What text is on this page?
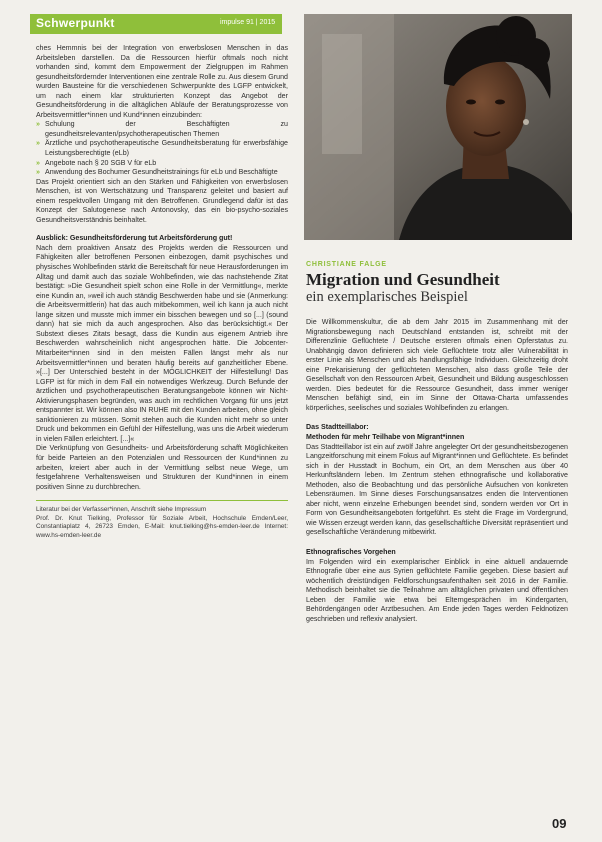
Schwerpunkt	impulse 91 | 2015

ches Hemmnis bei der Integration von erwerbslosen Menschen in das Arbeitsleben darstellen. Da die Ressourcen hierfür oftmals noch nicht vorhanden sind, kommt dem Empowerment der Zielgruppen im Rahmen gesundheitsfördernder Interventionen eine zentrale Rolle zu. Aus diesem Grund wurden Bausteine für die verschiedenen Schwerpunkte des LGFP entwickelt, um nach einem klar strukturierten Konzept das Angebot der Gesundheitsförderung in die alltäglichen Abläufe der Beratungsprozesse von Arbeitsvermittler*innen und Kund*innen einzubinden:

» Schulung der Beschäftigten zu gesundheitsrelevanten/psychotherapeutischen Themen
» Ärztliche und psychotherapeutische Gesundheitsberatung für erwerbsfähige Leistungsberechtigte (eLb)
» Angebote nach § 20 SGB V für eLb
» Anwendung des Bochumer Gesundheitstrainings für eLb und Beschäftigte

Das Projekt orientiert sich an den Stärken und Fähigkeiten von erwerbslosen Menschen, ist von Wertschätzung und Transparenz geleitet und basiert auf einem respektvollen Umgang mit den Betroffenen. Grundlegend dafür ist das Konzept der Salutogenese nach Antonovsky, das ein bio-psycho-soziales Gesundheitsverständnis beinhaltet.

Ausblick: Gesundheitsförderung tut Arbeitsförderung gut!

Nach dem proaktiven Ansatz des Projekts werden die Ressourcen und Fähigkeiten aller betroffenen Personen einbezogen, damit psychisches und physisches Wohlbefinden stärkt die Bereitschaft für neue Herausforderungen im Alltag und damit auch das soziale Wohlbefinden, wie das nachstehende Zitat bestätigt: »Die Gesundheit spielt schon eine Rolle in der Vermittlung«, merkte eine Kundin an, »weil ich auch ständig Beschwerden habe und sie (Anmerkung: die Arbeitsvermittlerin) hat das auch mitbekommen, weil ich kann ja auch nicht lange sitzen und musste mich immer ein bisschen bewegen und so [...] (sound dann) hat sie mich da auch angesprochen. Also das berücksichtigt.« Der Substext dieses Zitats besagt, dass die Kundin aus eigenem Antrieb ihre Beschwerden wahrscheinlich nicht angesprochen hätte. Die Jobcenter-Mitarbeiter*innen sind in den meisten Fällen längst mehr als nur Arbeitsvermittler*innen und beraten häufig bereits auf ganzheitlicher Ebene. »[...] Der Unterschied besteht in der MÖGLICHKEIT der Hilfestellung! Das LGFP ist für mich in dem Fall ein notwendiges Werkzeug. Durch Befunde der ärztlichen und psychotherapeutischen Beratungsangebote können wir Nicht-Aktivierungsphasen begründen, was auch im rechtlichen Vorgang für uns jetzt entspannter ist. Wir können also IN RUHE mit den Kunden arbeiten, ohne gleich sanktionieren zu müssen. Somit stehen auch die Kunden nicht mehr so unter Druck und bekommen ein Gefühl der Hilfestellung, was uns die Arbeit wiederum in vielen Fällen erleichtert. [...]«

Die Verknüpfung von Gesundheits- und Arbeitsförderung schafft Möglichkeiten für beide Parteien an den Potenzialen und Ressourcen der Kund*innen zu arbeiten, kreiert aber auch in der Vermittlung selbst neue Wege, um festgefahrene Verhaltensweisen und Strukturen der Kund*innen in einem positiven Sinne zu durchbrechen.

Literatur bei der Verfasser*innen, Anschrift siehe Impressum

Prof. Dr. Knut Tielking, Professor für Soziale Arbeit, Hochschule Emden/Leer, Constantiaplatz 4, 26723 Emden, E-Mail: knut.tielking@hs-emden-leer.de Internet: www.hs-emden-leer.de

CHRISTIANE FALGE
Migration und Gesundheit
ein exemplarisches Beispiel

Die Willkommenskultur, die ab dem Jahr 2015 im Zusammenhang mit der Migrationsbewegung nach Deutschland entstanden ist, schreibt mit der Differenzlinie Geflüchtete / Deutsche ersteren oftmals einen Opferstatus zu. Unabhängig davon definieren sich viele Geflüchtete trotz aller Vulnerabilität in erster Linie als Menschen und als handlungsfähige Individuen. Gleichzeitig droht eine Prekarisierung der geflüchteten Menschen, also dass große Teile der Gesellschaft von den Ressourcen Arbeit, Gesundheit und Bildung ausgeschlossen werden. Dies bedeutet für die Ressource Gesundheit, dass immer weniger Menschen befähigt sind, ein im Sinne der Ottawa-Charta umfassendes körperliches, seelisches und soziales Wohlbefinden zu erlangen.

Das Stadtteillabor:

Methoden für mehr Teilhabe von Migrant*innen

Das Stadtteillabor ist ein auf zwölf Jahre angelegter Ort der gesundheitsbezogenen Langzeitforschung mit einem Fokus auf Migrant*innen und Geflüchtete. Es befindet sich in der Husstadt in Bochum, ein Ort, an dem Menschen aus über 40 Herkunftsländern leben. Im Zentrum stehen ethnografische und kollaborative Methoden, also die Beobachtung und das persönliche Aufsuchen von konkreten Lebensräumen. Im Sinne dieses Forschungsansatzes enden die Interventionen aber nicht, wenn einzelne Erhebungen beendet sind, sondern werden vor Ort in Form von Gesundheitsangeboten fortgeführt. Es steht die Frage im Vordergrund, wie Wissen erzeugt werden kann, das gesellschaftliche Diversität repräsentiert und gesellschaftliche Veränderung mitbewirkt.

Ethnografisches Vorgehen

Im Folgenden wird ein exemplarischer Einblick in eine aktuell andauernde Ethnografie über eine aus Syrien geflüchtete Familie gegeben. Diese basiert auf wöchentlich dreistündigen Feldforschungsaufenthalten seit 2016 in der Familie. Methodisch beinhaltet sie die Teilnahme am alltäglichen privaten und öffentlichen Leben der Familie wie etwa bei Elterngesprächen im Kindergarten, Behördengängen oder Arztbesuchen. Am Ende jeden Tages werden Feldnotizen geschrieben und reflexiv analysiert.

09
